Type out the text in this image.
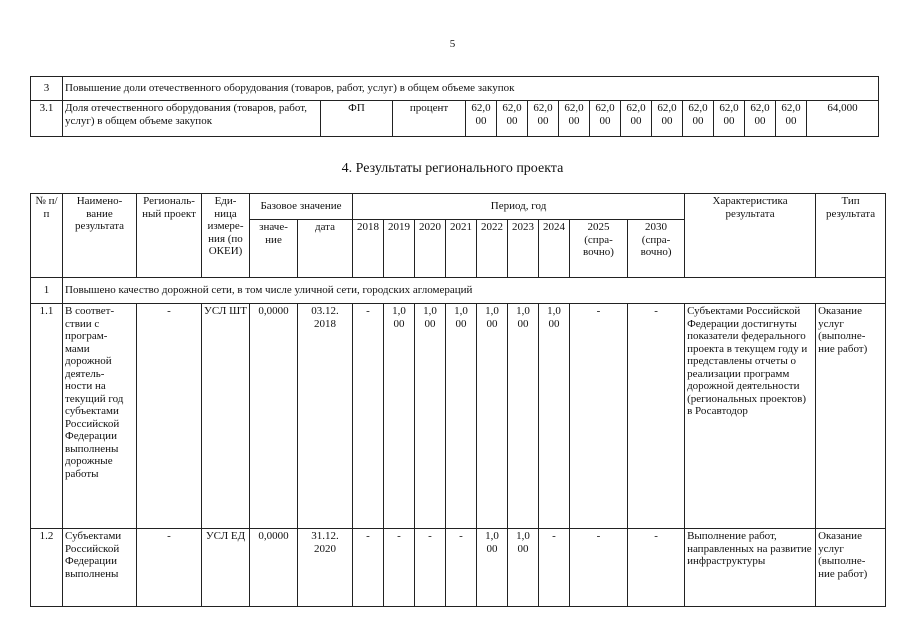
5
3	Повышение доли отечественного оборудования (товаров, работ, услуг) в общем объеме закупок														
3.1	Доля отечественного оборудования (товаров, работ, услуг) в общем объеме закупок	ФП	процент	62,0 00	62,0 00	62,0 00	62,0 00	62,0 00	62,0 00	62,0 00	62,0 00	62,0 00	62,0 00	62,0 00	64,000
4. Результаты регионального проекта
№ п/п	Наимено- вание результата	Региональ- ный проект	Еди- ница измере- ния (по ОКЕИ)	Базовое значение		Период, год									Характеристика результата	Тип результата
				значе- ние	дата	2018	2019	2020	2021	2022	2023	2024	2025 (спра- вочно)	2030 (спра- вочно)		
1	Повышено качество дорожной сети, в том числе уличной сети, городских агломераций															
1.1	В соответ- ствии с програм- мами дорожной деятель- ности на текущий год субъектами Российской Федерации выполнены дорожные работы	-	УСЛ ШТ	0,0000	03.12. 2018	-	1,0 00	1,0 00	1,0 00	1,0 00	1,0 00	1,0 00	-	-	Субъектами Российской Федерации достигнуты показатели федерального проекта в текущем году и представлены отчеты о реализации программ дорожной деятельности (региональных проектов) в Росавтодор	Оказание услуг (выполне- ние работ)
1.2	Субъектами Российской Федерации выполнены	-	УСЛ ЕД	0,0000	31.12. 2020	-	-	-	-	1,0 00	1,0 00	-	-	-	Выполнение работ, направленных на развитие инфраструктуры	Оказание услуг (выполне- ние работ)
